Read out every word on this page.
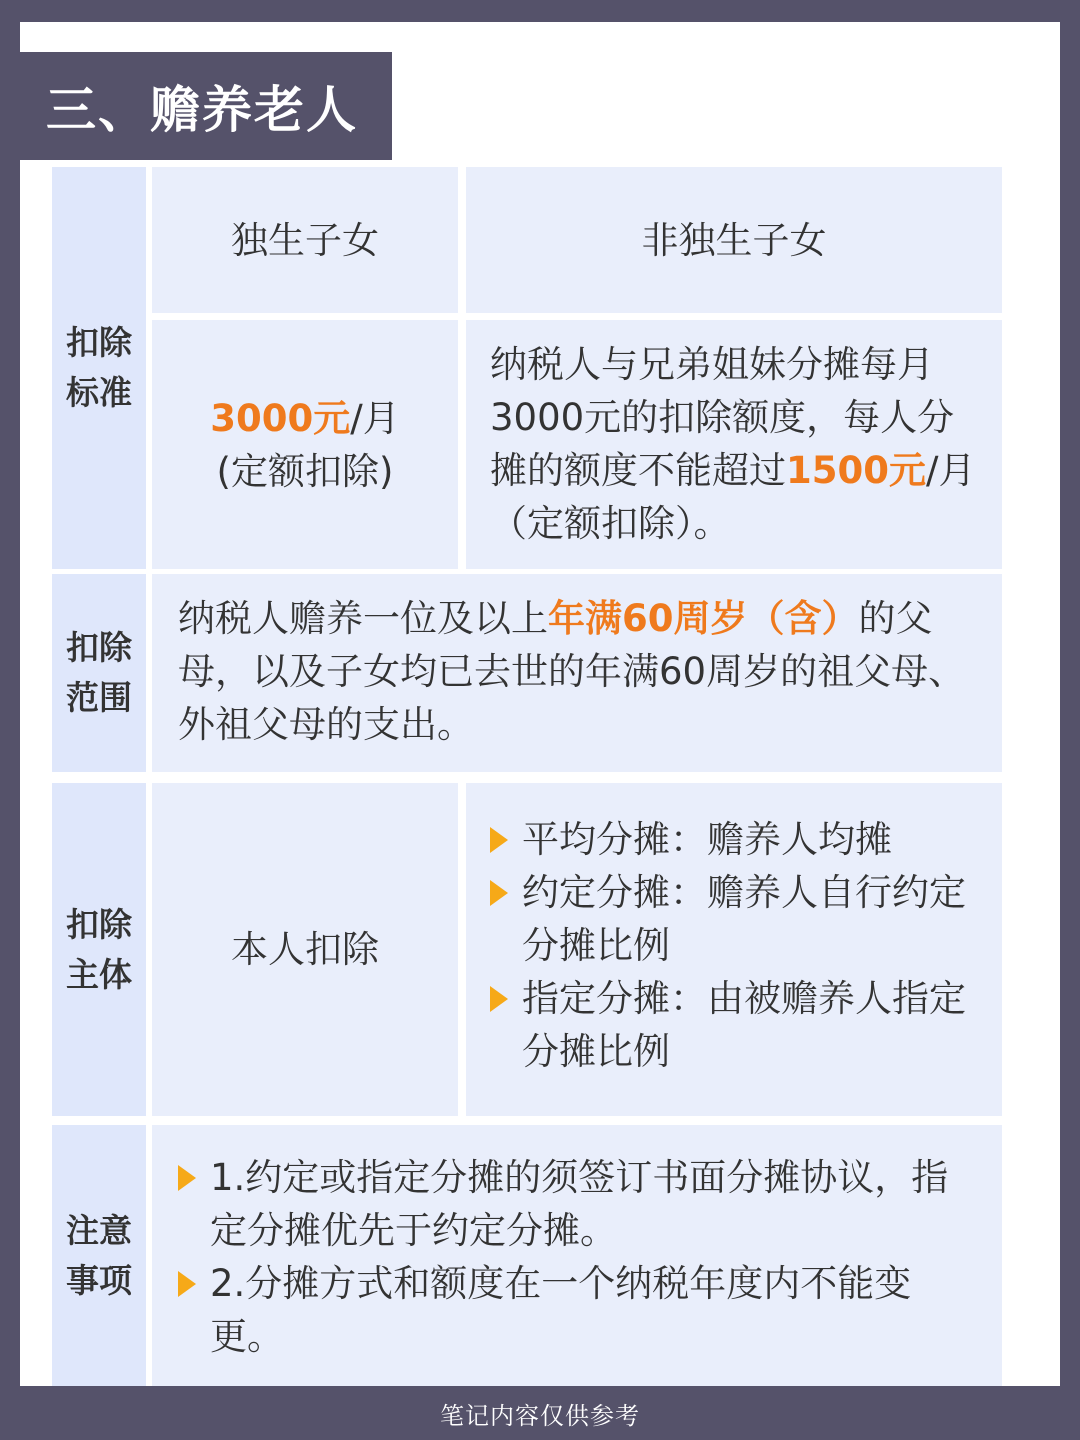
三、赡养老人
扣除
标准
独生子女	非独生子女
3000元/月
(定额扣除)
纳税人与兄弟姐妹分摊每月3000元的扣除额度，每人分摊的额度不能超过1500元/月（定额扣除）。
扣除
范围
纳税人赡养一位及以上年满60周岁（含）的父母，以及子女均已去世的年满60周岁的祖父母、外祖父母的支出。
扣除
主体
本人扣除
平均分摊：赡养人均摊
约定分摊：赡养人自行约定分摊比例
指定分摊：由被赡养人指定分摊比例
注意
事项
1.约定或指定分摊的须签订书面分摊协议，指定分摊优先于约定分摊。
2.分摊方式和额度在一个纳税年度内不能变更。
笔记内容仅供参考
